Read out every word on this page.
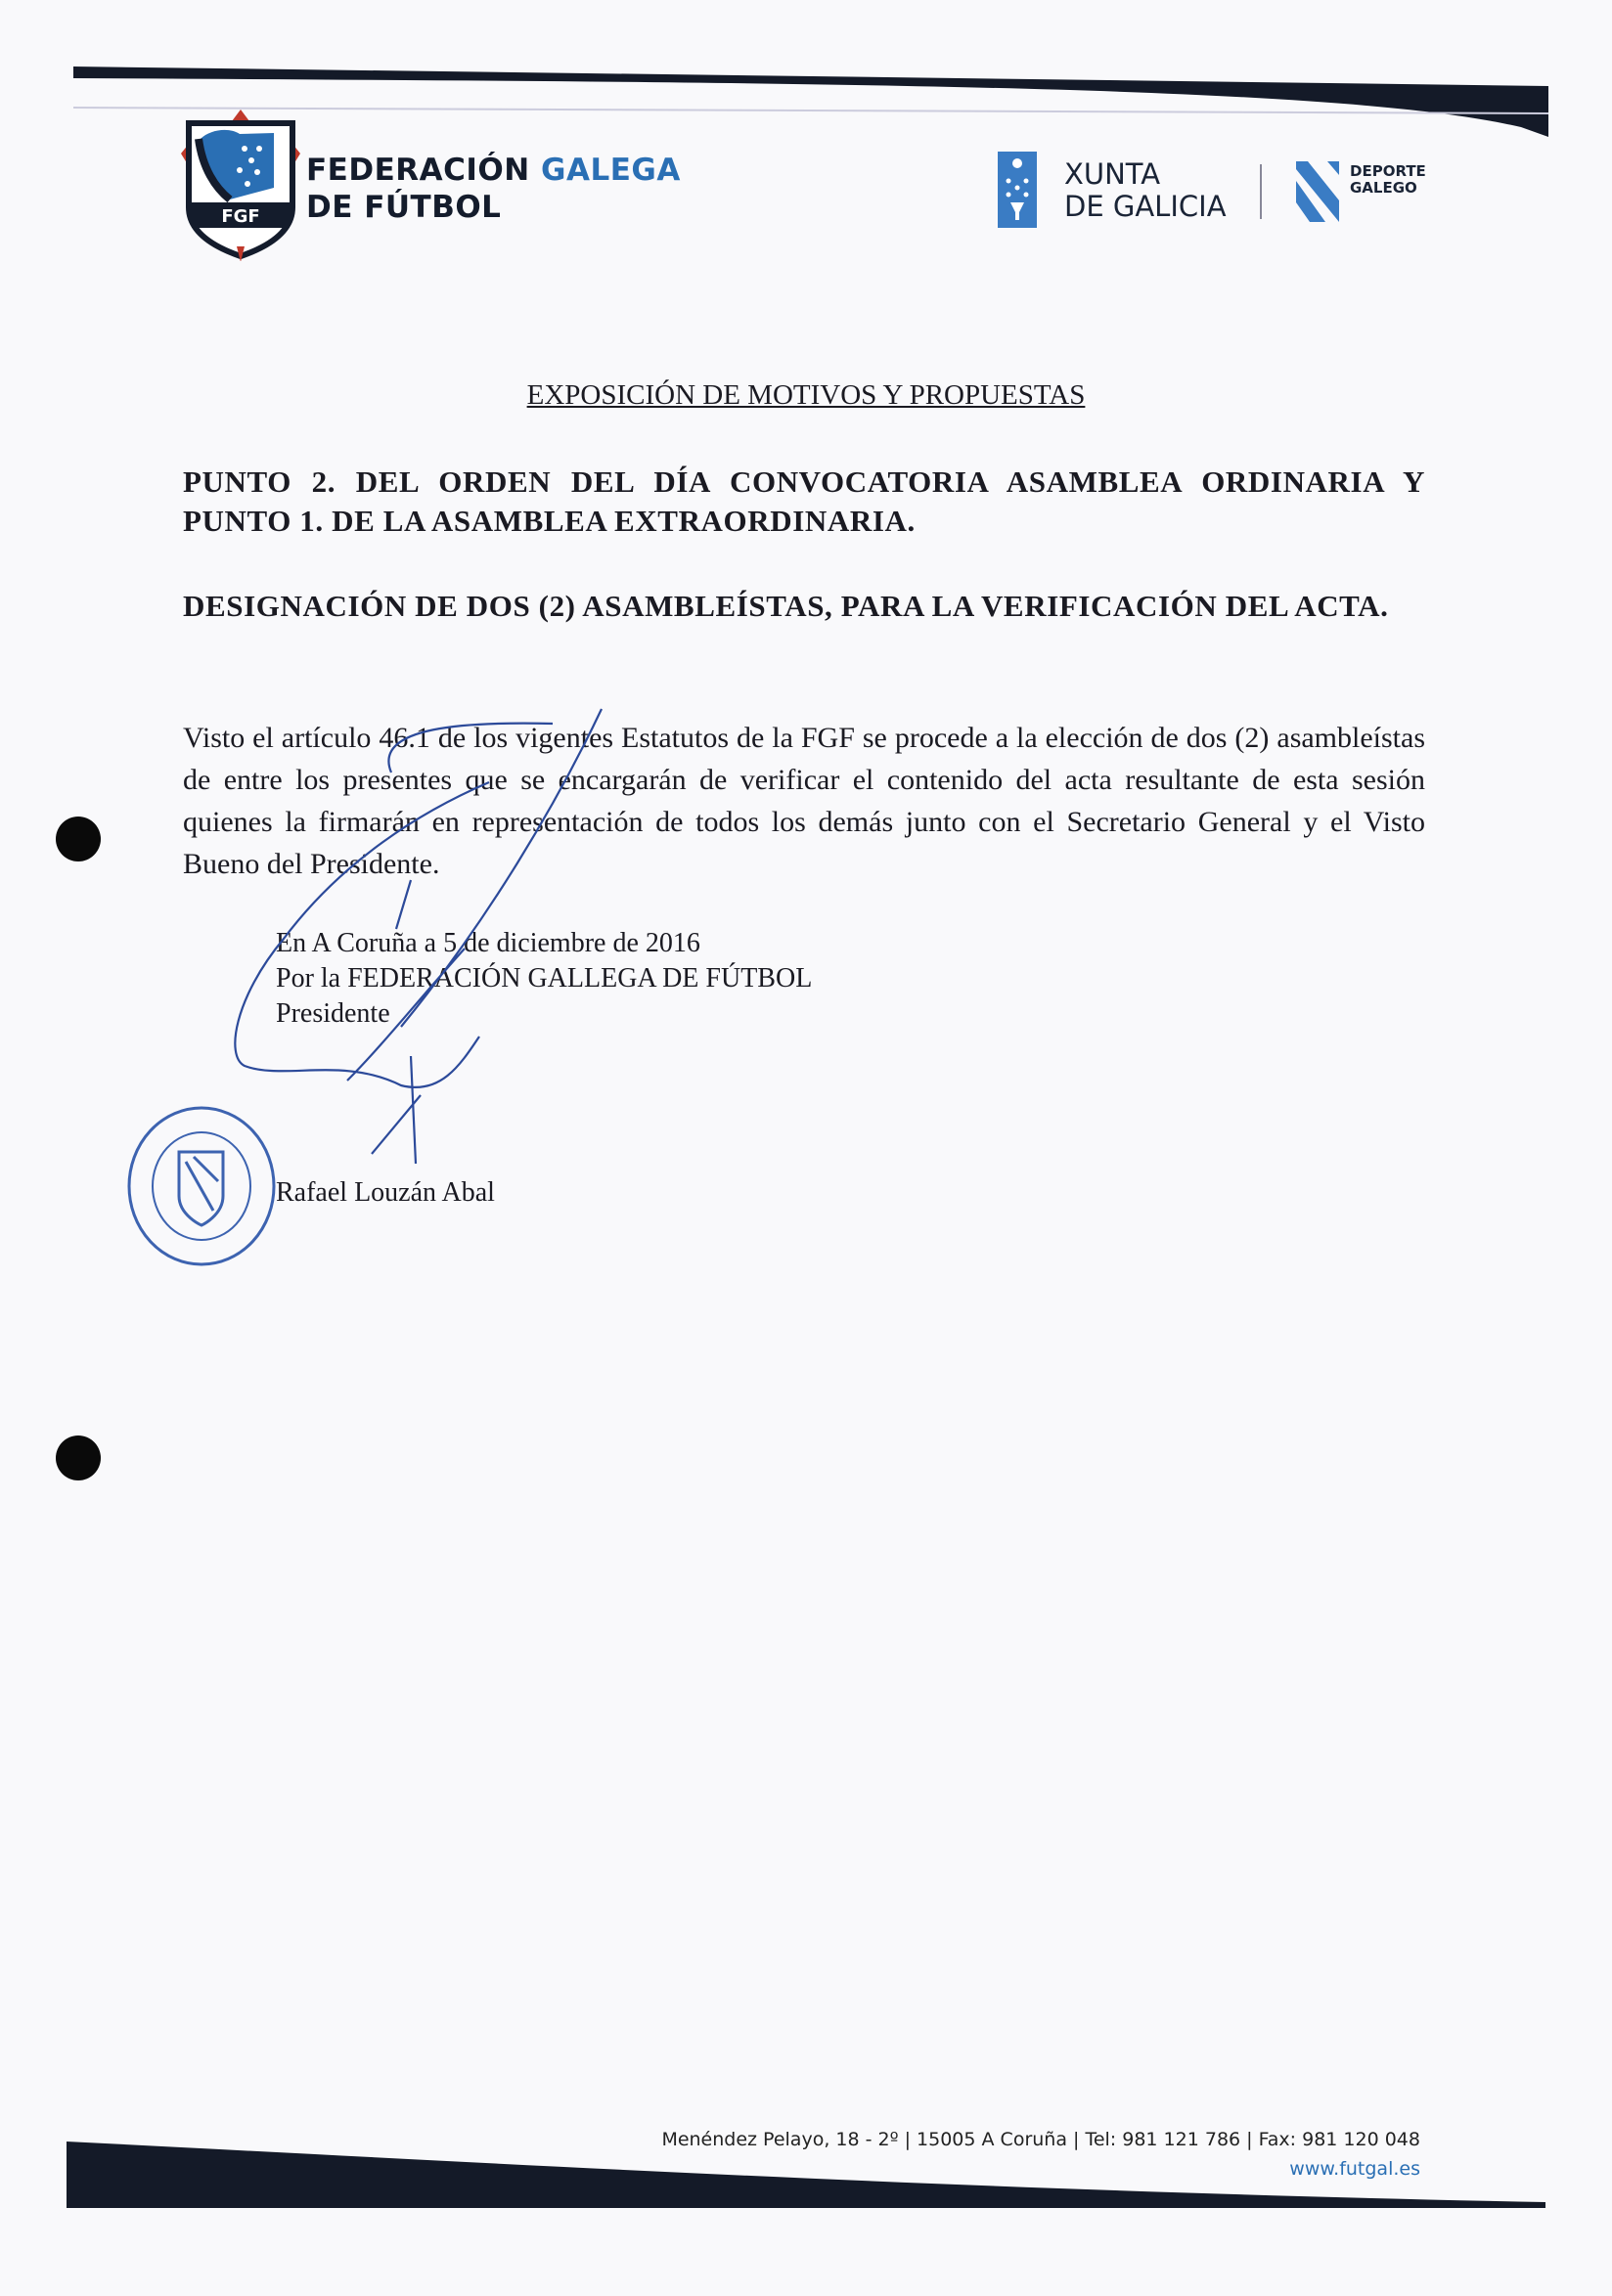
FGF
FEDERACIÓN GALEGA
DE FÚTBOL
XUNTA
DE GALICIA
DEPORTE
GALEGO
EXPOSICIÓN DE MOTIVOS Y PROPUESTAS
PUNTO 2. DEL ORDEN DEL DÍA CONVOCATORIA ASAMBLEA ORDINARIA Y PUNTO 1. DE LA ASAMBLEA EXTRAORDINARIA.
DESIGNACIÓN DE DOS (2) ASAMBLEÍSTAS, PARA LA VERIFICACIÓN DEL ACTA.
Visto el artículo 46.1 de los vigentes Estatutos de la FGF se procede a la elección de dos (2) asambleístas de entre los presentes que se encargarán de verificar el contenido del acta resultante de esta sesión quienes la firmarán en representación de todos los demás junto con el Secretario General y el Visto Bueno del Presidente.
En A Coruña a 5 de diciembre de 2016
Por la FEDERACIÓN GALLEGA DE FÚTBOL
Presidente
Rafael Louzán Abal
Menéndez Pelayo, 18 - 2º | 15005 A Coruña | Tel: 981 121 786 | Fax: 981 120 048
www.futgal.es
